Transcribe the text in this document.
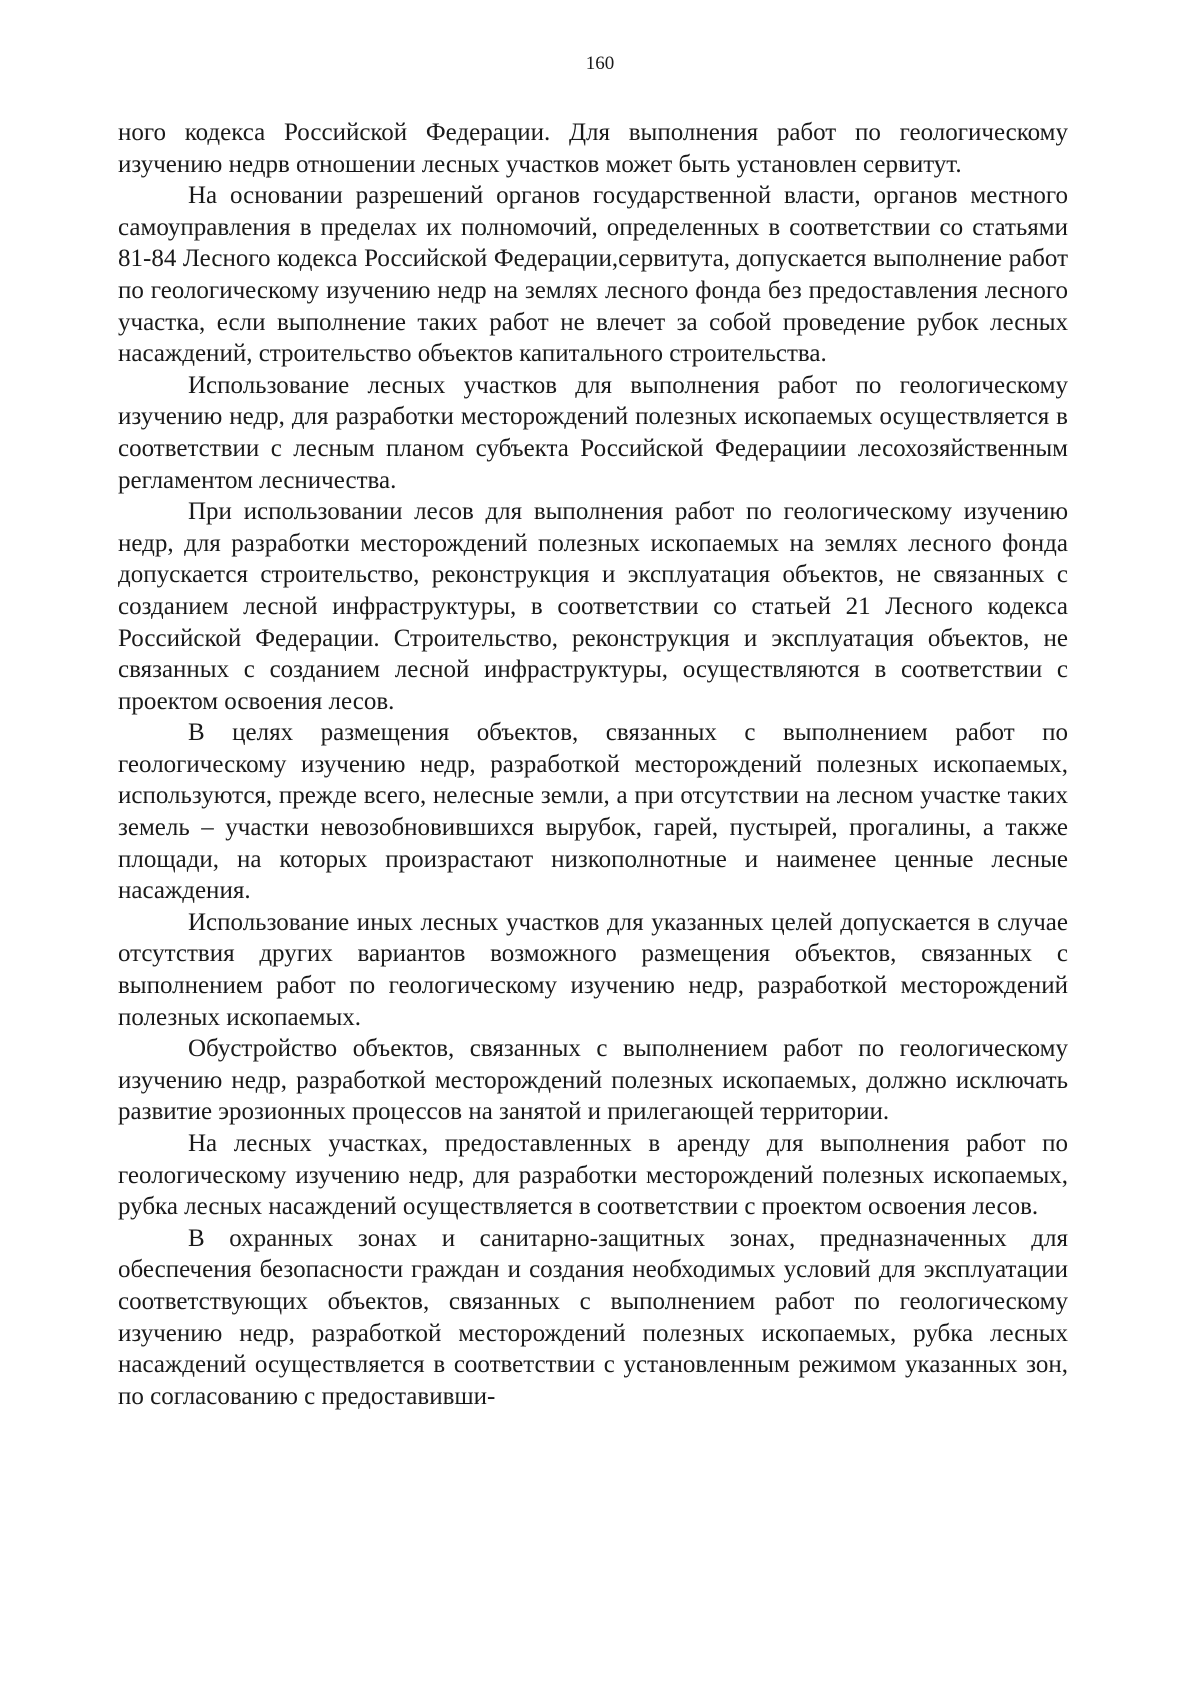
160

ного кодекса Российской Федерации. Для выполнения работ по геологическому изучению недрв отношении лесных участков может быть установлен сервитут.

На основании разрешений органов государственной власти, органов местного самоуправления в пределах их полномочий, определенных в соответствии со статьями 81-84 Лесного кодекса Российской Федерации,сервитута, допускается выполнение работ по геологическому изучению недр на землях лесного фонда без предоставления лесного участка, если выполнение таких работ не влечет за собой проведение рубок лесных насаждений, строительство объектов капитального строительства.

Использование лесных участков для выполнения работ по геологическому изучению недр, для разработки месторождений полезных ископаемых осуществляется в соответствии с лесным планом субъекта Российской Федерациии лесохозяйственным регламентом лесничества.

При использовании лесов для выполнения работ по геологическому изучению недр, для разработки месторождений полезных ископаемых на землях лесного фонда допускается строительство, реконструкция и эксплуатация объектов, не связанных с созданием лесной инфраструктуры, в соответствии со статьей 21 Лесного кодекса Российской Федерации. Строительство, реконструкция и эксплуатация объектов, не связанных с созданием лесной инфраструктуры, осуществляются в соответствии с проектом освоения лесов.

В целях размещения объектов, связанных с выполнением работ по геологическому изучению недр, разработкой месторождений полезных ископаемых, используются, прежде всего, нелесные земли, а при отсутствии на лесном участке таких земель – участки невозобновившихся вырубок, гарей, пустырей, прогалины, а также площади, на которых произрастают низкополнотные и наименее ценные лесные насаждения.

Использование иных лесных участков для указанных целей допускается в случае отсутствия других вариантов возможного размещения объектов, связанных с выполнением работ по геологическому изучению недр, разработкой месторождений полезных ископаемых.

Обустройство объектов, связанных с выполнением работ по геологическому изучению недр, разработкой месторождений полезных ископаемых, должно исключать развитие эрозионных процессов на занятой и прилегающей территории.

На лесных участках, предоставленных в аренду для выполнения работ по геологическому изучению недр, для разработки месторождений полезных ископаемых, рубка лесных насаждений осуществляется в соответствии с проектом освоения лесов.

В охранных зонах и санитарно-защитных зонах, предназначенных для обеспечения безопасности граждан и создания необходимых условий для эксплуатации соответствующих объектов, связанных с выполнением работ по геологическому изучению недр, разработкой месторождений полезных ископаемых, рубка лесных насаждений осуществляется в соответствии с установленным режимом указанных зон, по согласованию с предоставивши-
